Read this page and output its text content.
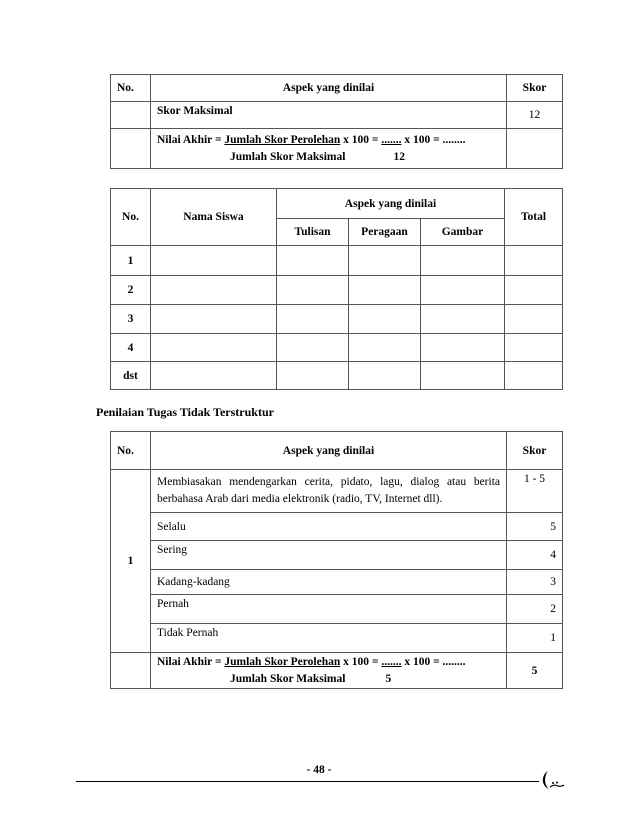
No.	Aspek yang dinilai	Skor
	Skor Maksimal	12

	Nilai Akhir = Jumlah Skor Perolehan x 100 = ....... x 100 = ........
Jumlah Skor Maksimal 12	

No.	Nama Siswa	Aspek yang dinilai			Total
		Tulisan	Peragaan	Gambar	
1					
2					
3					
4					
dst					
Penilaian Tugas Tidak Terstruktur
No.	Aspek yang dinilai	Skor
1	Membiasakan mendengarkan cerita, pidato, lagu, dialog atau berita berbahasa Arab dari media elektronik (radio, TV, Internet dll).	1 - 5
	Selalu	5
	Sering	4
	Kadang-kadang	3
	Pernah	2
	Tidak Pernah	1

	Nilai Akhir = Jumlah Skor Perolehan x 100 = ....... x 100 = ........
Jumlah Skor Maksimal 5	5
- 48 -
